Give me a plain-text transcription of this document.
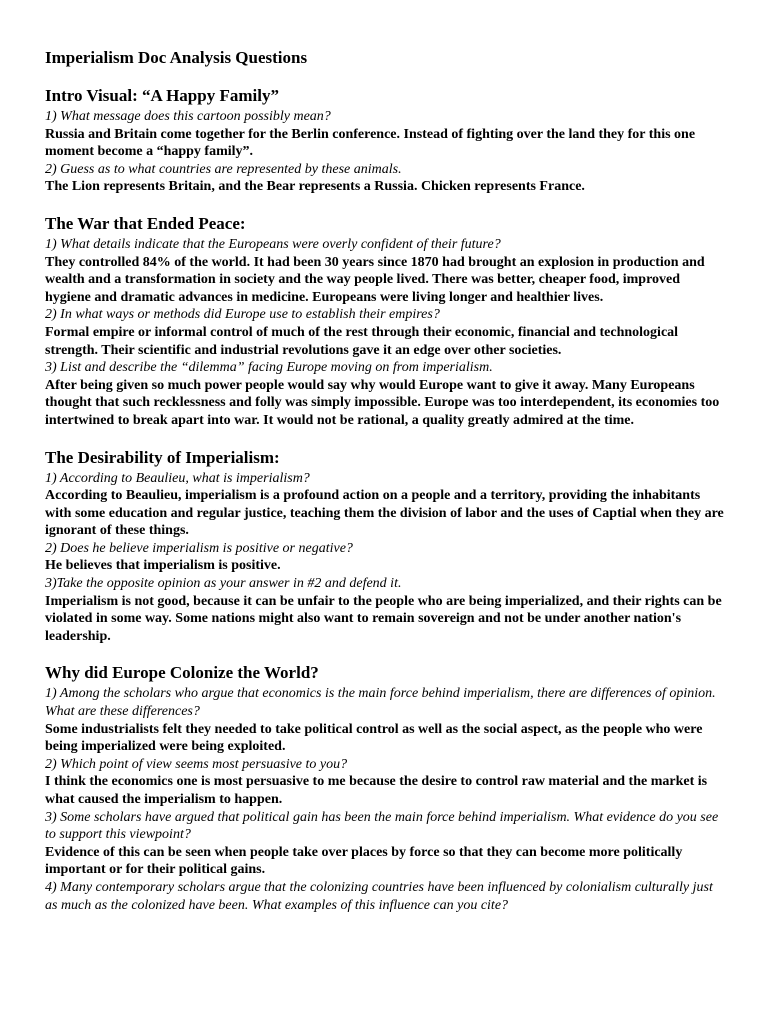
Imperialism Doc Analysis Questions
Intro Visual: “A Happy Family”

1) What message does this cartoon possibly mean?

Russia and Britain come together for the Berlin conference. Instead of fighting over the land they for this one moment become a “happy family”.

2) Guess as to what countries are represented by these animals.

The Lion represents Britain, and the Bear represents a Russia. Chicken represents France.

The War that Ended Peace:

1) What details indicate that the Europeans were overly confident of their future?

They controlled 84% of the world. It had been 30 years since 1870 had brought an explosion in production and wealth and a transformation in society and the way people lived. There was better, cheaper food, improved hygiene and dramatic advances in medicine. Europeans were living longer and healthier lives.

2) In what ways or methods did Europe use to establish their empires?

Formal empire or informal control of much of the rest through their economic, financial and technological strength. Their scientific and industrial revolutions gave it an edge over other societies.

3) List and describe the “dilemma” facing Europe moving on from imperialism.

After being given so much power people would say why would Europe want to give it away. Many Europeans thought that such recklessness and folly was simply impossible. Europe was too interdependent, its economies too intertwined to break apart into war. It would not be rational, a quality greatly admired at the time.

The Desirability of Imperialism:

1) According to Beaulieu, what is imperialism?

According to Beaulieu, imperialism is a profound action on a people and a territory, providing the inhabitants with some education and regular justice, teaching them the division of labor and the uses of Captial when they are ignorant of these things.

2) Does he believe imperialism is positive or negative?

He believes that imperialism is positive.

3)Take the opposite opinion as your answer in #2 and defend it.

Imperialism is not good, because it can be unfair to the people who are being imperialized, and their rights can be violated in some way. Some nations might also want to remain sovereign and not be under another nation's leadership.

Why did Europe Colonize the World?

1) Among the scholars who argue that economics is the main force behind imperialism, there are differences of opinion. What are these differences?

Some industrialists felt they needed to take political control as well as the social aspect, as the people who were being imperialized were being exploited.

2) Which point of view seems most persuasive to you?

I think the economics one is most persuasive to me because the desire to control raw material and the market is what caused the imperialism to happen.

3) Some scholars have argued that political gain has been the main force behind imperialism. What evidence do you see to support this viewpoint?

Evidence of this can be seen when people take over places by force so that they can become more politically important or for their political gains.

4) Many contemporary scholars argue that the colonizing countries have been influenced by colonialism culturally just as much as the colonized have been. What examples of this influence can you cite?
